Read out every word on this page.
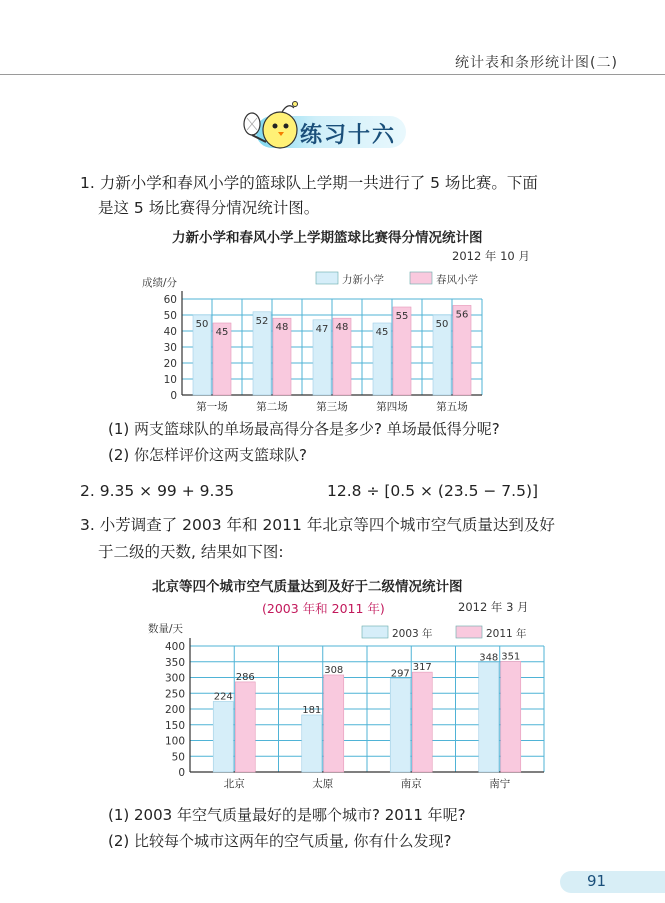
统计表和条形统计图(二)
练习十六
1. 力新小学和春风小学的篮球队上学期一共进行了 5 场比赛。下面
是这 5 场比赛得分情况统计图。
力新小学和春风小学上学期篮球比赛得分情况统计图
2012 年 10 月
0
10
20
30
40
50
60
成绩/分	力新小学	春风小学
50
45
第一场
52
48
第二场
47 48
第三场
45
55
第四场
50
56
第五场
(1) 两支篮球队的单场最高得分各是多少? 单场最低得分呢?
(2) 你怎样评价这两支篮球队?
2. 9.35 × 99 + 9.35	12.8 ÷ [0.5 × (23.5 − 7.5)]
3. 小芳调查了 2003 年和 2011 年北京等四个城市空气质量达到及好
于二级的天数, 结果如下图:
北京等四个城市空气质量达到及好于二级情况统计图
(2003 年和 2011 年)	2012 年 3 月
0
50
100
150
200
250
300
350
400
数量/天	2003 年	2011 年
224
286
北京
181
308
太原
297
317
南京
348 351
南宁
(1) 2003 年空气质量最好的是哪个城市? 2011 年呢?
(2) 比较每个城市这两年的空气质量, 你有什么发现?
91
